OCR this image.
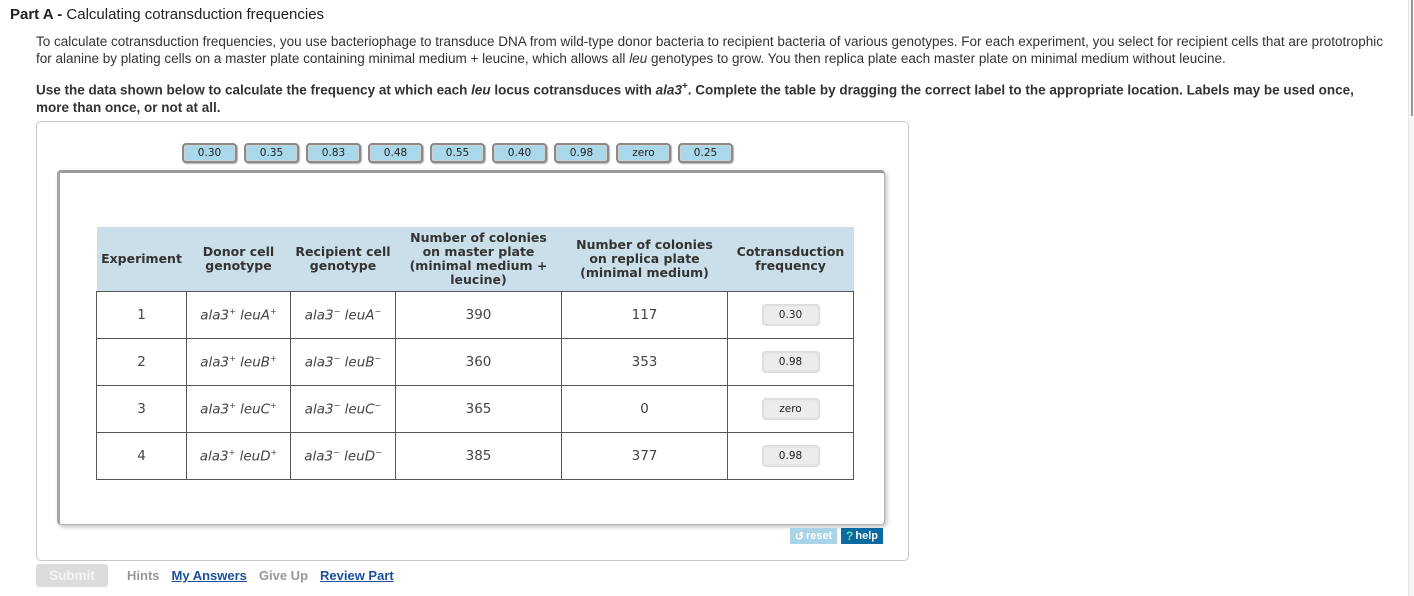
Part A - Calculating cotransduction frequencies
To calculate cotransduction frequencies, you use bacteriophage to transduce DNA from wild-type donor bacteria to recipient bacteria of various genotypes. For each experiment, you select for recipient cells that are prototrophic for alanine by plating cells on a master plate containing minimal medium + leucine, which allows all leu genotypes to grow. You then replica plate each master plate on minimal medium without leucine.
Use the data shown below to calculate the frequency at which each leu locus cotransduces with ala3+. Complete the table by dragging the correct label to the appropriate location. Labels may be used once, more than once, or not at all.
0.30	0.35	0.83	0.48	0.55	0.40	0.98	zero	0.25
Experiment	Donor cell genotype	Recipient cell genotype	Number of colonies on master plate (minimal medium + leucine)	Number of colonies on replica plate (minimal medium)	Cotransduction frequency
1	ala3+ leuA+	ala3− leuA−	390	117	0.30
2	ala3+ leuB+	ala3− leuB−	360	353	0.98
3	ala3+ leuC+	ala3− leuC−	365	0	zero
4	ala3+ leuD+	ala3− leuD−	385	377	0.98
↺ reset ? help
Submit	Hints My Answers Give Up Review Part
